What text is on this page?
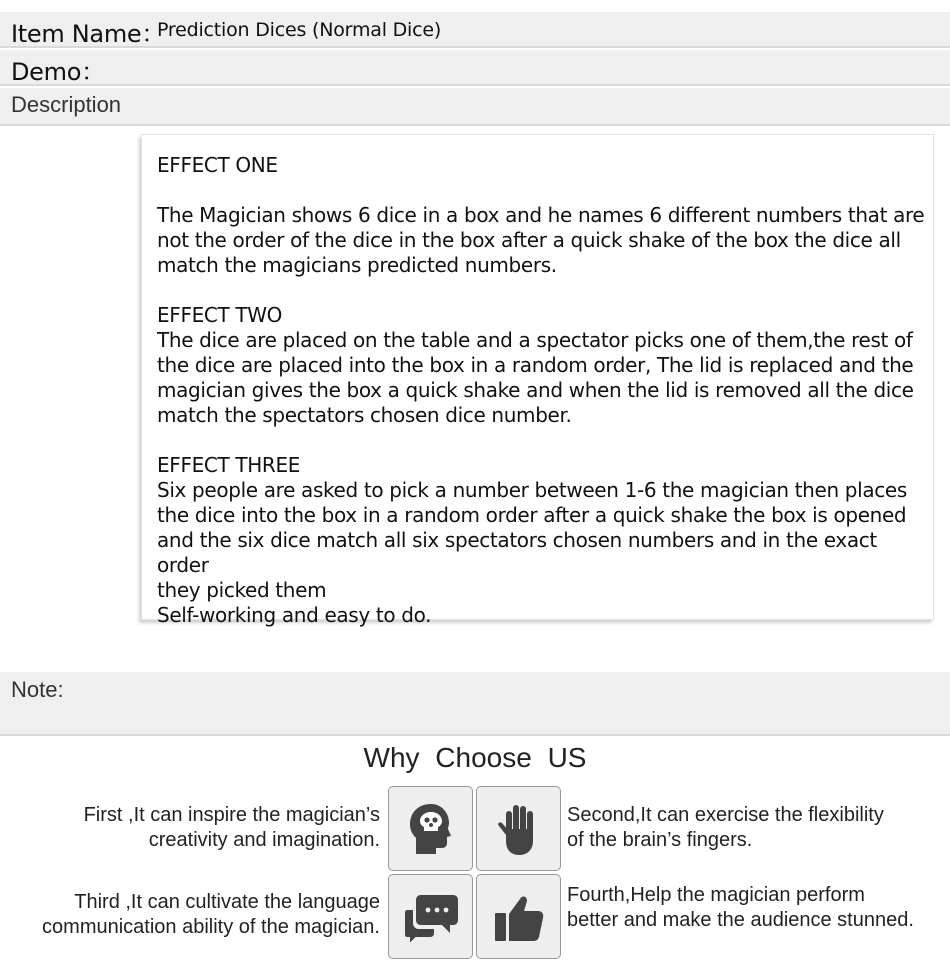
Item Name：
Prediction Dices (Normal Dice)
Demo：
Description

EFFECT ONE

The Magician shows 6 dice in a box and he names 6 different numbers that are
not the order of the dice in the box after a quick shake of the box the dice all
match the magicians predicted numbers.

EFFECT TWO
The dice are placed on the table and a spectator picks one of them,the rest of
the dice are placed into the box in a random order, The lid is replaced and the
magician gives the box a quick shake and when the lid is removed all the dice
match the spectators chosen dice number.

EFFECT THREE
Six people are asked to pick a number between 1-6 the magician then places
the dice into the box in a random order after a quick shake the box is opened
and the six dice match all six spectators chosen numbers and in the exact order
they picked them
Self-working and easy to do.

Note:
Why Choose US
First ,It can inspire the magician’s
creativity and imagination.
Second,It can exercise the flexibility
of the brain’s fingers.
Third ,It can cultivate the language
communication ability of the magician.
Fourth,Help the magician perform
better and make the audience stunned.
